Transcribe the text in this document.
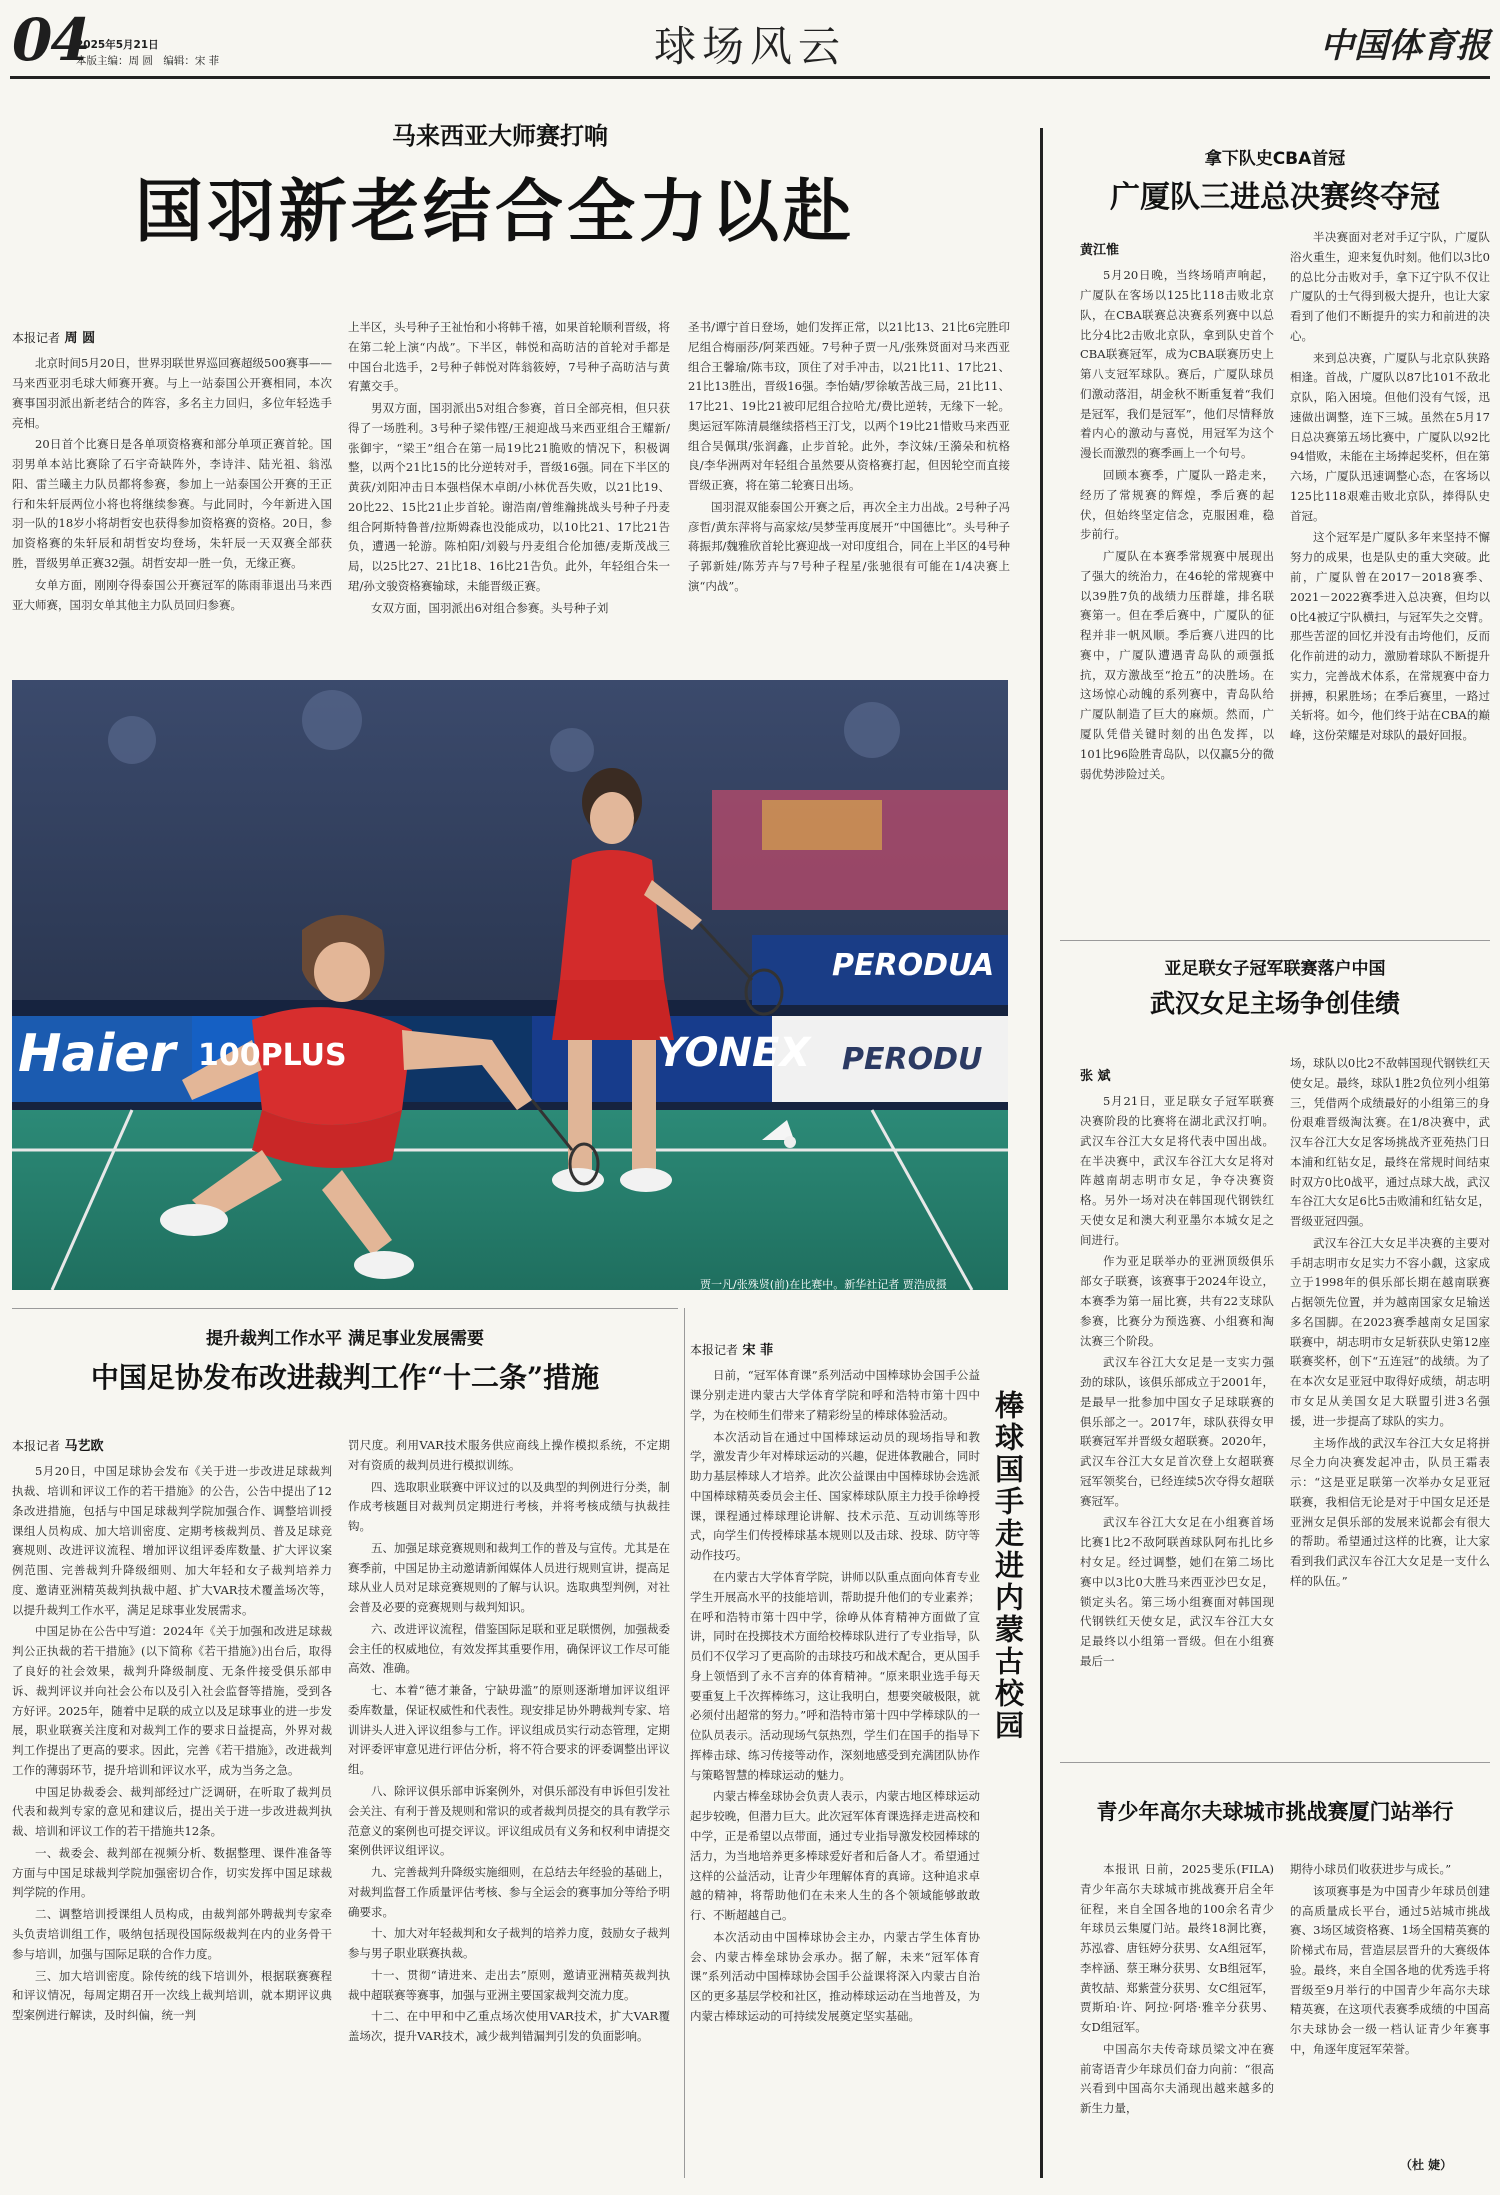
04
2025年5月21日
本版主编：周 圆　编辑：宋 菲	球场风云	中国体育报
马来西亚大师赛打响
国羽新老结合全力以赴
本报记者 周 圆

北京时间5月20日，世界羽联世界巡回赛超级500赛事——马来西亚羽毛球大师赛开赛。与上一站泰国公开赛相同，本次赛事国羽派出新老结合的阵容，多名主力回归，多位年轻选手亮相。

20日首个比赛日是各单项资格赛和部分单项正赛首轮。国羽男单本站比赛除了石宇奇缺阵外，李诗沣、陆光祖、翁泓阳、雷兰曦主力队员都将参赛，参加上一站泰国公开赛的王正行和朱轩辰两位小将也将继续参赛。与此同时，今年新进入国羽一队的18岁小将胡哲安也获得参加资格赛的资格。20日，参加资格赛的朱轩辰和胡哲安均登场，朱轩辰一天双赛全部获胜，晋级男单正赛32强。胡哲安却一胜一负，无缘正赛。

女单方面，刚刚夺得泰国公开赛冠军的陈雨菲退出马来西亚大师赛，国羽女单其他主力队员回归参赛。

上半区，头号种子王祉怡和小将韩千禧，如果首轮顺利晋级，将在第二轮上演“内战”。下半区，韩悦和高昉洁的首轮对手都是中国台北选手，2号种子韩悦对阵翁筱婷，7号种子高昉洁与黄宥薰交手。

男双方面，国羽派出5对组合参赛，首日全部亮相，但只获得了一场胜利。3号种子梁伟铿/王昶迎战马来西亚组合王耀新/张御宇，“梁王”组合在第一局19比21脆败的情况下，积极调整，以两个21比15的比分逆转对手，晋级16强。同在下半区的黄荻/刘阳冲击日本强档保木卓朗/小林优吾失败，以21比19、20比22、15比21止步首轮。谢浩南/曾维瀚挑战头号种子丹麦组合阿斯特鲁普/拉斯姆森也没能成功，以10比21、17比21告负，遭遇一轮游。陈柏阳/刘毅与丹麦组合伦加德/麦斯茂战三局，以25比27、21比18、16比21告负。此外，年轻组合朱一珺/孙文骏资格赛输球，未能晋级正赛。

女双方面，国羽派出6对组合参赛。头号种子刘

圣书/谭宁首日登场，她们发挥正常，以21比13、21比6完胜印尼组合梅丽莎/阿莱西娅。7号种子贾一凡/张殊贤面对马来西亚组合王馨瑜/陈韦玟，顶住了对手冲击，以21比11、17比21、21比13胜出，晋级16强。李怡婧/罗徐敏苦战三局，21比11、17比21、19比21被印尼组合拉哈尤/费比逆转，无缘下一轮。奥运冠军陈清晨继续搭档王汀戈，以两个19比21惜败马来西亚组合吴佩琪/张润鑫，止步首轮。此外，李汶妹/王漪朵和杭格良/李华洲两对年轻组合虽然要从资格赛打起，但因轮空而直接晋级正赛，将在第二轮赛日出场。

国羽混双能泰国公开赛之后，再次全主力出战。2号种子冯彦哲/黄东萍将与高家炫/吴梦莹再度展开“中国德比”。头号种子蒋振邦/魏雅欣首轮比赛迎战一对印度组合，同在上半区的4号种子郭新娃/陈芳卉与7号种子程星/张驰很有可能在1/4决赛上演“内战”。

Haier 100PLUS	YONEX
PERODUA
PERODU
贾一凡/张殊贤(前)在比赛中。新华社记者 贾浩成摄
拿下队史CBA首冠
广厦队三进总决赛终夺冠
黄江惟

5月20日晚，当终场哨声响起，广厦队在客场以125比118击败北京队，在CBA联赛总决赛系列赛中以总比分4比2击败北京队，拿到队史首个CBA联赛冠军，成为CBA联赛历史上第八支冠军球队。赛后，广厦队球员们激动落泪，胡金秋不断重复着“我们是冠军，我们是冠军”，他们尽情释放着内心的激动与喜悦，用冠军为这个漫长而激烈的赛季画上一个句号。

回顾本赛季，广厦队一路走来，经历了常规赛的辉煌，季后赛的起伏，但始终坚定信念，克服困难，稳步前行。

广厦队在本赛季常规赛中展现出了强大的统治力，在46轮的常规赛中以39胜7负的战绩力压群雄，排名联赛第一。但在季后赛中，广厦队的征程并非一帆风顺。季后赛八进四的比赛中，广厦队遭遇青岛队的顽强抵抗，双方激战至“抢五”的决胜场。在这场惊心动魄的系列赛中，青岛队给广厦队制造了巨大的麻烦。然而，广厦队凭借关键时刻的出色发挥，以101比96险胜青岛队，以仅赢5分的微弱优势涉险过关。

半决赛面对老对手辽宁队，广厦队浴火重生，迎来复仇时刻。他们以3比0的总比分击败对手，拿下辽宁队不仅让广厦队的士气得到极大提升，也让大家看到了他们不断提升的实力和前进的决心。

来到总决赛，广厦队与北京队狭路相逢。首战，广厦队以87比101不敌北京队，陷入困境。但他们没有气馁，迅速做出调整，连下三城。虽然在5月17日总决赛第五场比赛中，广厦队以92比94惜败，未能在主场捧起奖杯，但在第六场，广厦队迅速调整心态，在客场以125比118艰难击败北京队，捧得队史首冠。

这个冠军是广厦队多年来坚持不懈努力的成果，也是队史的重大突破。此前，广厦队曾在2017－2018赛季、2021－2022赛季进入总决赛，但均以0比4被辽宁队横扫，与冠军失之交臂。那些苦涩的回忆并没有击垮他们，反而化作前进的动力，激励着球队不断提升实力，完善战术体系，在常规赛中奋力拼搏，积累胜场；在季后赛里，一路过关斩将。如今，他们终于站在CBA的巅峰，这份荣耀是对球队的最好回报。

亚足联女子冠军联赛落户中国
武汉女足主场争创佳绩
张 斌

5月21日，亚足联女子冠军联赛决赛阶段的比赛将在湖北武汉打响。武汉车谷江大女足将代表中国出战。在半决赛中，武汉车谷江大女足将对阵越南胡志明市女足，争夺决赛资格。另外一场对决在韩国现代钢铁红天使女足和澳大利亚墨尔本城女足之间进行。

作为亚足联举办的亚洲顶级俱乐部女子联赛，该赛事于2024年设立，本赛季为第一届比赛，共有22支球队参赛，比赛分为预选赛、小组赛和淘汰赛三个阶段。

武汉车谷江大女足是一支实力强劲的球队，该俱乐部成立于2001年，是最早一批参加中国女子足球联赛的俱乐部之一。2017年，球队获得女甲联赛冠军并晋级女超联赛。2020年，武汉车谷江大女足首次登上女超联赛冠军领奖台，已经连续5次夺得女超联赛冠军。

武汉车谷江大女足在小组赛首场比赛1比2不敌阿联酋球队阿布扎比乡村女足。经过调整，她们在第二场比赛中以3比0大胜马来西亚沙巴女足，锁定头名。第三场小组赛面对韩国现代钢铁红天使女足，武汉车谷江大女足最终以小组第一晋级。但在小组赛最后一

场，球队以0比2不敌韩国现代钢铁红天使女足。最终，球队1胜2负位列小组第三，凭借两个成绩最好的小组第三的身份艰难晋级淘汰赛。在1/8决赛中，武汉车谷江大女足客场挑战齐亚苑热门日本浦和红钻女足，最终在常规时间结束时双方0比0战平，通过点球大战，武汉车谷江大女足6比5击败浦和红钻女足，晋级亚冠四强。

武汉车谷江大女足半决赛的主要对手胡志明市女足实力不容小觑，这家成立于1998年的俱乐部长期在越南联赛占据领先位置，并为越南国家女足输送多名国脚。在2023赛季越南女足国家联赛中，胡志明市女足斩获队史第12座联赛奖杯，创下“五连冠”的战绩。为了在本次女足亚冠中取得好成绩，胡志明市女足从美国女足大联盟引进3名强援，进一步提高了球队的实力。

主场作战的武汉车谷江大女足将拼尽全力向决赛发起冲击，队员王霜表示：“这是亚足联第一次举办女足亚冠联赛，我相信无论是对于中国女足还是亚洲女足俱乐部的发展来说都会有很大的帮助。希望通过这样的比赛，让大家看到我们武汉车谷江大女足是一支什么样的队伍。”

青少年高尔夫球城市挑战赛厦门站举行

本报讯 日前，2025斐乐(FILA)青少年高尔夫球城市挑战赛开启全年征程，来自全国各地的100余名青少年球员云集厦门站。最终18洞比赛，苏泓睿、唐钰婷分获男、女A组冠军，李梓涵、蔡王琳分获男、女B组冠军，黄牧喆、郑紫萱分获男、女C组冠军，贾斯珀·许、阿拉·阿塔·雅辛分获男、女D组冠军。

中国高尔夫传奇球员梁文冲在赛前寄语青少年球员们奋力向前：“很高兴看到中国高尔夫涌现出越来越多的新生力量，

期待小球员们收获进步与成长。”

该项赛事是为中国青少年球员创建的高质量成长平台，通过5站城市挑战赛、3场区域资格赛、1场全国精英赛的阶梯式布局，营造层层晋升的大赛级体验。最终，来自全国各地的优秀选手将晋级至9月举行的中国青少年高尔夫球精英赛，在这项代表赛季成绩的中国高尔夫球协会一级一档认证青少年赛事中，角逐年度冠军荣誉。

（杜 婕）
提升裁判工作水平 满足事业发展需要
中国足协发布改进裁判工作“十二条”措施
本报记者 马艺欧

5月20日，中国足球协会发布《关于进一步改进足球裁判执裁、培训和评议工作的若干措施》的公告，公告中提出了12条改进措施，包括与中国足球裁判学院加强合作、调整培训授课组人员构成、加大培训密度、定期考核裁判员、普及足球竞赛规则、改进评议流程、增加评议组评委库数量、扩大评议案例范围、完善裁判升降级细则、加大年轻和女子裁判培养力度、邀请亚洲精英裁判执裁中超、扩大VAR技术覆盖场次等，以提升裁判工作水平，满足足球事业发展需求。

中国足协在公告中写道：2024年《关于加强和改进足球裁判公正执裁的若干措施》(以下简称《若干措施》)出台后，取得了良好的社会效果，裁判升降级制度、无条件接受俱乐部申诉、裁判评议并向社会公布以及引入社会监督等措施，受到各方好评。2025年，随着中足联的成立以及足球事业的进一步发展，职业联赛关注度和对裁判工作的要求日益提高，外界对裁判工作提出了更高的要求。因此，完善《若干措施》，改进裁判工作的薄弱环节，提升培训和评议水平，成为当务之急。

中国足协裁委会、裁判部经过广泛调研，在听取了裁判员代表和裁判专家的意见和建议后，提出关于进一步改进裁判执裁、培训和评议工作的若干措施共12条。

一、裁委会、裁判部在视频分析、数据整理、课件准备等方面与中国足球裁判学院加强密切合作，切实发挥中国足球裁判学院的作用。

二、调整培训授课组人员构成，由裁判部外聘裁判专家牵头负责培训组工作，吸纳包括现役国际级裁判在内的业务骨干参与培训，加强与国际足联的合作力度。

三、加大培训密度。除传统的线下培训外，根据联赛赛程和评议情况，每周定期召开一次线上裁判培训，就本期评议典型案例进行解读，及时纠偏，统一判

罚尺度。利用VAR技术服务供应商线上操作模拟系统，不定期对有资质的裁判员进行模拟训练。

四、选取职业联赛中评议过的以及典型的判例进行分类，制作成考核题目对裁判员定期进行考核，并将考核成绩与执裁挂钩。

五、加强足球竞赛规则和裁判工作的普及与宣传。尤其是在赛季前，中国足协主动邀请新闻媒体人员进行规则宣讲，提高足球从业人员对足球竞赛规则的了解与认识。选取典型判例，对社会普及必要的竞赛规则与裁判知识。

六、改进评议流程，借鉴国际足联和亚足联惯例，加强裁委会主任的权威地位，有效发挥其重要作用，确保评议工作尽可能高效、准确。

七、本着“德才兼备，宁缺毋滥”的原则逐渐增加评议组评委库数量，保证权威性和代表性。现安排足协外聘裁判专家、培训讲头人进入评议组参与工作。评议组成员实行动态管理，定期对评委评审意见进行评估分析，将不符合要求的评委调整出评议组。

八、除评议俱乐部申诉案例外，对俱乐部没有申诉但引发社会关注、有利于普及规则和常识的或者裁判员提交的具有教学示范意义的案例也可提交评议。评议组成员有义务和权利申请提交案例供评议组评议。

九、完善裁判升降级实施细则，在总结去年经验的基础上，对裁判监督工作质量评估考核、参与全运会的赛事加分等给予明确要求。

十、加大对年轻裁判和女子裁判的培养力度，鼓励女子裁判参与男子职业联赛执裁。

十一、贯彻“请进来、走出去”原则，邀请亚洲精英裁判执裁中超联赛等赛事，加强与亚洲主要国家裁判交流力度。

十二、在中甲和中乙重点场次使用VAR技术，扩大VAR覆盖场次，提升VAR技术，减少裁判错漏判引发的负面影响。

本报记者 宋 菲

日前，“冠军体育课”系列活动中国棒球协会国手公益课分别走进内蒙古大学体育学院和呼和浩特市第十四中学，为在校师生们带来了精彩纷呈的棒球体验活动。

本次活动旨在通过中国棒球运动员的现场指导和教学，激发青少年对棒球运动的兴趣，促进体教融合，同时助力基层棒球人才培养。此次公益课由中国棒球协会选派中国棒球精英委员会主任、国家棒球队原主力投手徐峥授课，课程通过棒球理论讲解、技术示范、互动训练等形式，向学生们传授棒球基本规则以及击球、投球、防守等动作技巧。

在内蒙古大学体育学院，讲师以队重点面向体育专业学生开展高水平的技能培训，帮助提升他们的专业素养；在呼和浩特市第十四中学，徐峥从体育精神方面做了宣讲，同时在投掷技术方面给校棒球队进行了专业指导，队员们不仅学习了更高阶的击球技巧和战术配合，更从国手身上领悟到了永不言弃的体育精神。“原来职业选手每天要重复上千次挥棒练习，这让我明白，想要突破极限，就必须付出超常的努力。”呼和浩特市第十四中学棒球队的一位队员表示。活动现场气氛热烈，学生们在国手的指导下挥棒击球、练习传接等动作，深刻地感受到充满团队协作与策略智慧的棒球运动的魅力。

内蒙古棒垒球协会负责人表示，内蒙古地区棒球运动起步较晚，但潜力巨大。此次冠军体育课选择走进高校和中学，正是希望以点带面，通过专业指导激发校园棒球的活力，为当地培养更多棒球爱好者和后备人才。希望通过这样的公益活动，让青少年理解体育的真谛。这种追求卓越的精神，将帮助他们在未来人生的各个领域能够敢敢行、不断超越自己。

本次活动由中国棒球协会主办，内蒙古学生体育协会、内蒙古棒垒球协会承办。据了解，未来“冠军体育课”系列活动中国棒球协会国手公益课将深入内蒙古自治区的更多基层学校和社区，推动棒球运动在当地普及，为内蒙古棒球运动的可持续发展奠定坚实基础。

棒球国手走进内蒙古校园
